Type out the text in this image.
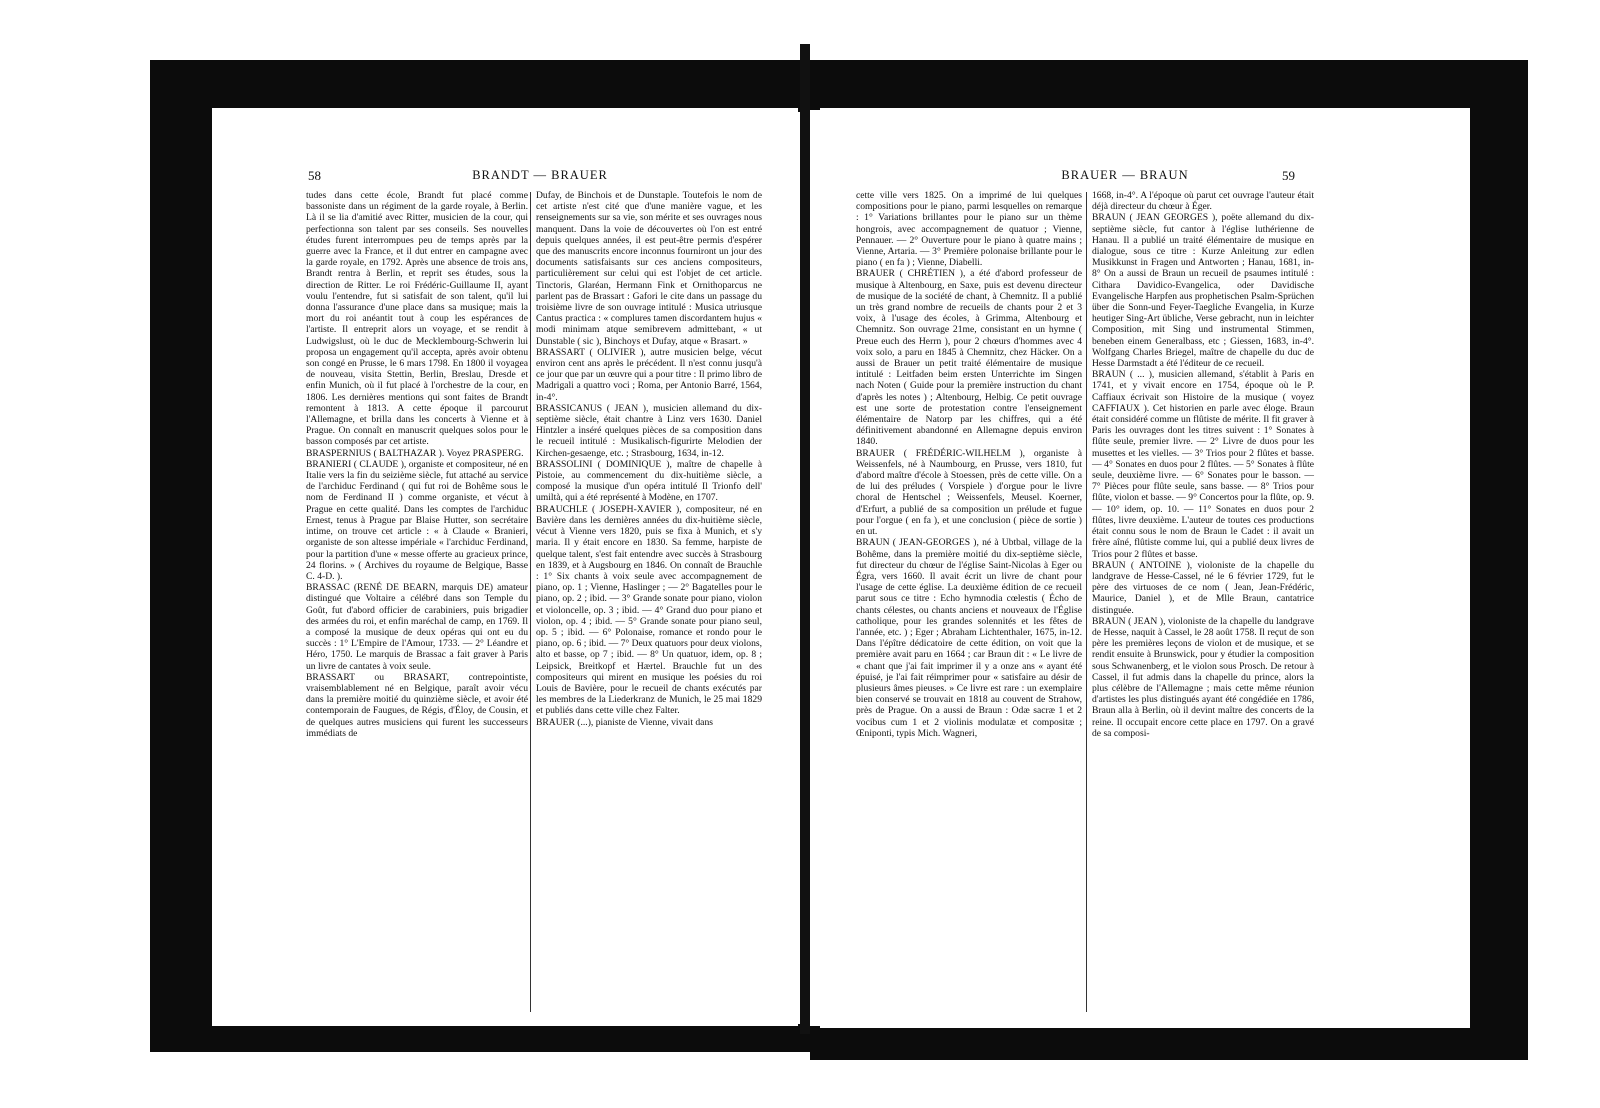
58	BRANDT — BRAUER

tudes dans cette école, Brandt fut placé comme bassoniste dans un régiment de la garde royale, à Berlin. Là il se lia d'amitié avec Ritter, musicien de la cour, qui perfectionna son talent par ses conseils. Ses nouvelles études furent interrompues peu de temps après par la guerre avec la France, et il dut entrer en campagne avec la garde royale, en 1792. Après une absence de trois ans, Brandt rentra à Berlin, et reprit ses études, sous la direction de Ritter. Le roi Frédéric-Guillaume II, ayant voulu l'entendre, fut si satisfait de son talent, qu'il lui donna l'assurance d'une place dans sa musique; mais la mort du roi anéantit tout à coup les espérances de l'artiste. Il entreprit alors un voyage, et se rendit à Ludwigslust, où le duc de Mecklembourg-Schwerin lui proposa un engagement qu'il accepta, après avoir obtenu son congé en Prusse, le 6 mars 1798. En 1800 il voyagea de nouveau, visita Stettin, Berlin, Breslau, Dresde et enfin Munich, où il fut placé à l'orchestre de la cour, en 1806. Les dernières mentions qui sont faites de Brandt remontent à 1813. A cette époque il parcourut l'Allemagne, et brilla dans les concerts à Vienne et à Prague. On connaît en manuscrit quelques solos pour le basson composés par cet artiste.

BRASPERNIUS ( BALTHAZAR ). Voyez PRASPERG.

BRANIERI ( CLAUDE ), organiste et compositeur, né en Italie vers la fin du seizième siècle, fut attaché au service de l'archiduc Ferdinand ( qui fut roi de Bohême sous le nom de Ferdinand II ) comme organiste, et vécut à Prague en cette qualité. Dans les comptes de l'archiduc Ernest, tenus à Prague par Blaise Hutter, son secrétaire intime, on trouve cet article : « à Claude « Branieri, organiste de son altesse impériale « l'archiduc Ferdinand, pour la partition d'une « messe offerte au gracieux prince, 24 florins. » ( Archives du royaume de Belgique, Basse C. 4-D. ).

BRASSAC (RENÉ DE BEARN, marquis DE) amateur distingué que Voltaire a célébré dans son Temple du Goût, fut d'abord officier de carabiniers, puis brigadier des armées du roi, et enfin maréchal de camp, en 1769. Il a composé la musique de deux opéras qui ont eu du succès : 1° L'Empire de l'Amour, 1733. — 2° Léandre et Héro, 1750. Le marquis de Brassac a fait graver à Paris un livre de cantates à voix seule.

BRASSART ou BRASART, contrepointiste, vraisemblablement né en Belgique, paraît avoir vécu dans la première moitié du quinzième siècle, et avoir été contemporain de Faugues, de Régis, d'Éloy, de Cousin, et de quelques autres musiciens qui furent les successeurs immédiats de

Dufay, de Binchois et de Dunstaple. Toutefois le nom de cet artiste n'est cité que d'une manière vague, et les renseignements sur sa vie, son mérite et ses ouvrages nous manquent. Dans la voie de découvertes où l'on est entré depuis quelques années, il est peut-être permis d'espérer que des manuscrits encore inconnus fourniront un jour des documents satisfaisants sur ces anciens compositeurs, particulièrement sur celui qui est l'objet de cet article. Tinctoris, Glaréan, Hermann Fink et Ornithoparcus ne parlent pas de Brassart : Gafori le cite dans un passage du troisième livre de son ouvrage intitulé : Musica utriusque Cantus practica : « complures tamen discordantem hujus « modi minimam atque semibrevem admittebant, « ut Dunstable ( sic ), Binchoys et Dufay, atque « Brasart. »

BRASSART ( OLIVIER ), autre musicien belge, vécut environ cent ans après le précédent. Il n'est connu jusqu'à ce jour que par un œuvre qui a pour titre : Il primo libro de Madrigali a quattro voci ; Roma, per Antonio Barré, 1564, in-4°.

BRASSICANUS ( JEAN ), musicien allemand du dix-septième siècle, était chantre à Linz vers 1630. Daniel Hintzler a inséré quelques pièces de sa composition dans le recueil intitulé : Musikalisch-figurirte Melodien der Kirchen-gesaenge, etc. ; Strasbourg, 1634, in-12.

BRASSOLINI ( DOMINIQUE ), maître de chapelle à Pistoie, au commencement du dix-huitième siècle, a composé la musique d'un opéra intitulé Il Trionfo dell' umiltà, qui a été représenté à Modène, en 1707.

BRAUCHLE ( JOSEPH-XAVIER ), compositeur, né en Bavière dans les dernières années du dix-huitième siècle, vécut à Vienne vers 1820, puis se fixa à Munich, et s'y maria. Il y était encore en 1830. Sa femme, harpiste de quelque talent, s'est fait entendre avec succès à Strasbourg en 1839, et à Augsbourg en 1846. On connaît de Brauchle : 1° Six chants à voix seule avec accompagnement de piano, op. 1 ; Vienne, Haslinger ; — 2° Bagatelles pour le piano, op. 2 ; ibid. — 3° Grande sonate pour piano, violon et violoncelle, op. 3 ; ibid. — 4° Grand duo pour piano et violon, op. 4 ; ibid. — 5° Grande sonate pour piano seul, op. 5 ; ibid. — 6° Polonaise, romance et rondo pour le piano, op. 6 ; ibid. — 7° Deux quatuors pour deux violons, alto et basse, op 7 ; ibid. — 8° Un quatuor, idem, op. 8 ; Leipsick, Breitkopf et Hærtel. Brauchle fut un des compositeurs qui mirent en musique les poésies du roi Louis de Bavière, pour le recueil de chants exécutés par les membres de la Liederkranz de Munich, le 25 mai 1829 et publiés dans cette ville chez Falter.

BRAUER (...), pianiste de Vienne, vivait dans

BRAUER — BRAUN	59

cette ville vers 1825. On a imprimé de lui quelques compositions pour le piano, parmi lesquelles on remarque : 1° Variations brillantes pour le piano sur un thème hongrois, avec accompagnement de quatuor ; Vienne, Pennauer. — 2° Ouverture pour le piano à quatre mains ; Vienne, Artaria. — 3° Première polonaise brillante pour le piano ( en fa ) ; Vienne, Diabelli.

BRAUER ( CHRÉTIEN ), a été d'abord professeur de musique à Altenbourg, en Saxe, puis est devenu directeur de musique de la société de chant, à Chemnitz. Il a publié un très grand nombre de recueils de chants pour 2 et 3 voix, à l'usage des écoles, à Grimma, Altenbourg et Chemnitz. Son ouvrage 21me, consistant en un hymne ( Preue euch des Herrn ), pour 2 chœurs d'hommes avec 4 voix solo, a paru en 1845 à Chemnitz, chez Häcker. On a aussi de Brauer un petit traité élémentaire de musique intitulé : Leitfaden beim ersten Unterrichte im Singen nach Noten ( Guide pour la première instruction du chant d'après les notes ) ; Altenbourg, Helbig. Ce petit ouvrage est une sorte de protestation contre l'enseignement élémentaire de Natorp par les chiffres, qui a été définitivement abandonné en Allemagne depuis environ 1840.

BRAUER ( FRÉDÉRIC-WILHELM ), organiste à Weissenfels, né à Naumbourg, en Prusse, vers 1810, fut d'abord maître d'école à Stoessen, près de cette ville. On a de lui des préludes ( Vorspiele ) d'orgue pour le livre choral de Hentschel ; Weissenfels, Meusel. Koerner, d'Erfurt, a publié de sa composition un prélude et fugue pour l'orgue ( en fa ), et une conclusion ( pièce de sortie ) en ut.

BRAUN ( JEAN-GEORGES ), né à Ubtbal, village de la Bohême, dans la première moitié du dix-septième siècle, fut directeur du chœur de l'église Saint-Nicolas à Eger ou Égra, vers 1660. Il avait écrit un livre de chant pour l'usage de cette église. La deuxième édition de ce recueil parut sous ce titre : Echo hymnodia cœlestis ( Écho de chants célestes, ou chants anciens et nouveaux de l'Église catholique, pour les grandes solennités et les fêtes de l'année, etc. ) ; Eger ; Abraham Lichtenthaler, 1675, in-12. Dans l'épître dédicatoire de cette édition, on voit que la première avait paru en 1664 ; car Braun dit : « Le livre de « chant que j'ai fait imprimer il y a onze ans « ayant été épuisé, je l'ai fait réimprimer pour « satisfaire au désir de plusieurs âmes pieuses. » Ce livre est rare : un exemplaire bien conservé se trouvait en 1818 au couvent de Strahow, près de Prague. On a aussi de Braun : Odæ sacræ 1 et 2 vocibus cum 1 et 2 violinis modulatæ et compositæ ; Œniponti, typis Mich. Wagneri,

1668, in-4°. A l'époque où parut cet ouvrage l'auteur était déjà directeur du chœur à Éger.

BRAUN ( JEAN GEORGES ), poëte allemand du dix-septième siècle, fut cantor à l'église luthérienne de Hanau. Il a publié un traité élémentaire de musique en dialogue, sous ce titre : Kurze Anleitung zur edlen Musikkunst in Fragen und Antworten ; Hanau, 1681, in-8° On a aussi de Braun un recueil de psaumes intitulé : Cithara Davidico-Evangelica, oder Davidische Evangelische Harpfen aus prophetischen Psalm-Sprüchen über die Sonn-und Feyer-Taegliche Evangelia, in Kurze heutiger Sing-Art übliche, Verse gebracht, nun in leichter Composition, mit Sing und instrumental Stimmen, beneben einem Generalbass, etc ; Giessen, 1683, in-4°. Wolfgang Charles Briegel, maître de chapelle du duc de Hesse Darmstadt a été l'éditeur de ce recueil.

BRAUN ( ... ), musicien allemand, s'établit à Paris en 1741, et y vivait encore en 1754, époque où le P. Caffiaux écrivait son Histoire de la musique ( voyez CAFFIAUX ). Cet historien en parle avec éloge. Braun était considéré comme un flûtiste de mérite. Il fit graver à Paris les ouvrages dont les titres suivent : 1° Sonates à flûte seule, premier livre. — 2° Livre de duos pour les musettes et les vielles. — 3° Trios pour 2 flûtes et basse. — 4° Sonates en duos pour 2 flûtes. — 5° Sonates à flûte seule, deuxième livre. — 6° Sonates pour le basson. — 7° Pièces pour flûte seule, sans basse. — 8° Trios pour flûte, violon et basse. — 9° Concertos pour la flûte, op. 9. — 10° idem, op. 10. — 11° Sonates en duos pour 2 flûtes, livre deuxième. L'auteur de toutes ces productions était connu sous le nom de Braun le Cadet : il avait un frère aîné, flûtiste comme lui, qui a publié deux livres de Trios pour 2 flûtes et basse.

BRAUN ( ANTOINE ), violoniste de la chapelle du landgrave de Hesse-Cassel, né le 6 février 1729, fut le père des virtuoses de ce nom ( Jean, Jean-Frédéric, Maurice, Daniel ), et de Mlle Braun, cantatrice distinguée.

BRAUN ( JEAN ), violoniste de la chapelle du landgrave de Hesse, naquit à Cassel, le 28 août 1758. Il reçut de son père les premières leçons de violon et de musique, et se rendit ensuite à Brunswick, pour y étudier la composition sous Schwanenberg, et le violon sous Prosch. De retour à Cassel, il fut admis dans la chapelle du prince, alors la plus célèbre de l'Allemagne ; mais cette même réunion d'artistes les plus distingués ayant été congédiée en 1786, Braun alla à Berlin, où il devint maître des concerts de la reine. Il occupait encore cette place en 1797. On a gravé de sa composi-
